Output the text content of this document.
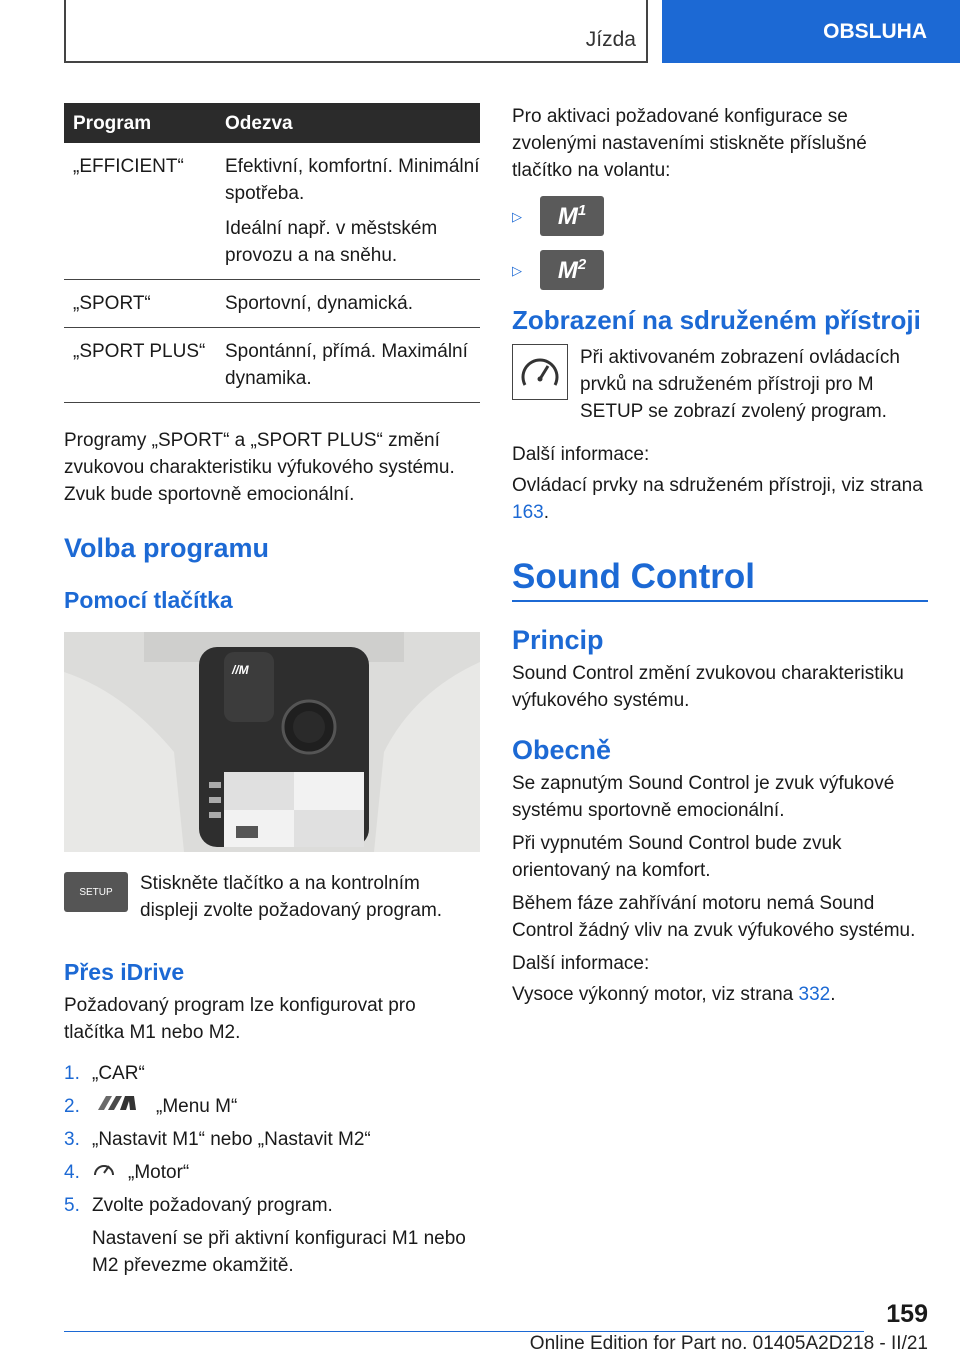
Jízda	OBSLUHA
Program	Odezva
„EFFICIENT“	Efektivní, komfortní. Minimální spotřeba.

Ideální např. v městském provozu a na sněhu.

„SPORT“	Sportovní, dynamická.

„SPORT PLUS“	Spontánní, přímá. Maximální dynamika.

Programy „SPORT“ a „SPORT PLUS“ změní zvukovou charakteristiku výfukového systému. Zvuk bude sportovně emocionální.

Volba programu
Pomocí tlačítka
//M
SETUP Stiskněte tlačítko a na kontrolním displeji zvolte požadovaný program.

Přes iDrive

Požadovaný program lze konfigurovat pro tlačítka M1 nebo M2.

1. „CAR“
2.	„Menu M“
3. „Nastavit M1“ nebo „Nastavit M2“
4.	„Motor“
5. Zvolte požadovaný program.

Nastavení se při aktivní konfiguraci M1 nebo M2 převezme okamžitě.

Pro aktivaci požadované konfigurace se zvolenými nastaveními stiskněte příslušné tlačítko na volantu:

▷	$M^1$
▷	$M^2$
Zobrazení na sdruženém přístroji

Při aktivovaném zobrazení ovládacích prvků na sdruženém přístroji pro M SETUP se zobrazí zvolený program.

Další informace:

Ovládací prvky na sdruženém přístroji, viz strana 163.

Sound Control
Princip

Sound Control změní zvukovou charakteristiku výfukového systému.

Obecně

Se zapnutým Sound Control je zvuk výfukové systému sportovně emocionální.

Při vypnutém Sound Control bude zvuk orientovaný na komfort.

Během fáze zahřívání motoru nemá Sound Control žádný vliv na zvuk výfukového systému.

Další informace:

Vysoce výkonný motor, viz strana 332.

159
Online Edition for Part no. 01405A2D218 - II/21
